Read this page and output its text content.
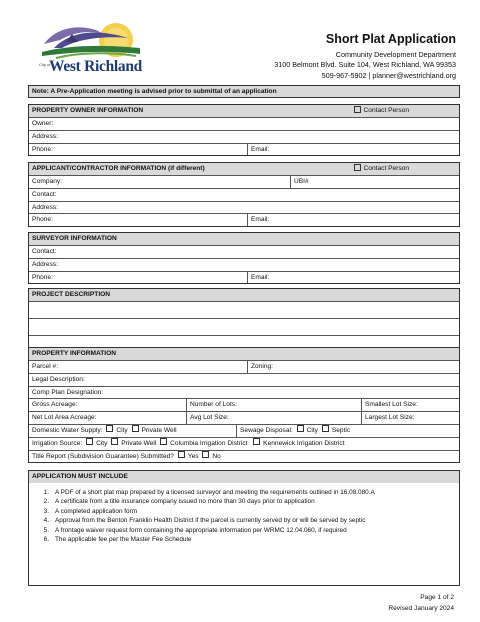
City of
West Richland
Short Plat Application
Community Development Department
3100 Belmont Blvd. Suite 104, West Richland, WA 99353
509-967-5902 | planner@westrichland.org
Note: A Pre-Application meeting is advised prior to submittal of an application
PROPERTY OWNER INFORMATION	Contact Person
Owner:
Address:
Phone:	Email:
APPLICANT/CONTRACTOR INFORMATION (if different)	Contact Person
Company:	UBI#
Contact:
Address:
Phone:	Email:
SURVEYOR INFORMATION
Contact:
Address:
Phone:	Email:
PROJECT DESCRIPTION
PROPERTY INFORMATION
Parcel #:	Zoning:
Legal Description:
Comp Plan Designation:
Gross Acreage:	Number of Lots:	Smallest Lot Size:
Net Lot Area Acreage:	Avg Lot Size:	Largest Lot Size:
Domestic Water Supply: City Private Well	Sewage Disposal: City Septic
Irrigation Source: City Private Well Columbia Irrigation District Kennewick Irrigation District
Title Report (Subdivision Guarantee) Submitted? Yes No
APPLICATION MUST INCLUDE
1. A PDF of a short plat map prepared by a licensed surveyor and meeting the requirements outlined in 16.08.080.A
2. A certificate from a title insurance company issued no more than 30 days prior to application
3. A completed application form
4. Approval from the Benton Franklin Health District if the parcel is currently served by or will be served by septic
5. A frontage waiver request form containing the appropriate information per WRMC 12.04.060, if required
6. The applicable fee per the Master Fee Schedule
Page 1 of 2
Revised January 2024
